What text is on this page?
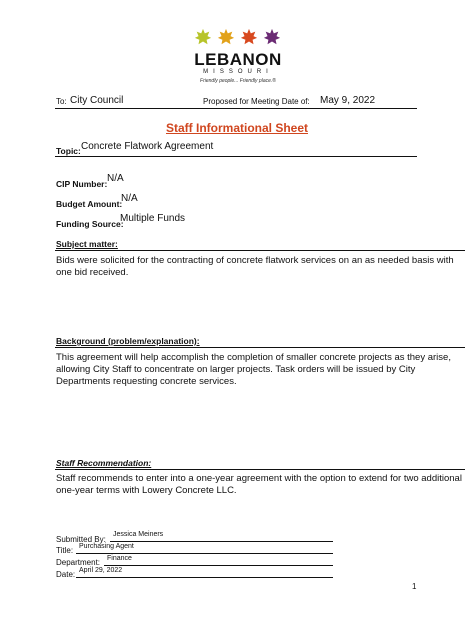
LEBANON
MISSOURI
Friendly people... Friendly place.®
To: City Council	Proposed for Meeting Date of: May 9, 2022
Staff Informational Sheet
Topic: Concrete Flatwork Agreement
CIP Number: N/A
Budget Amount:
N/A
Funding Source:
Multiple Funds
Subject matter:
Bids were solicited for the contracting of concrete flatwork services on an as needed basis with one bid received.
Background (problem/explanation):
This agreement will help accomplish the completion of smaller concrete projects as they arise, allowing City Staff to concentrate on larger projects. Task orders will be issued by City Departments requesting concrete services.
Staff Recommendation:
Staff recommends to enter into a one-year agreement with the option to extend for two additional one-year terms with Lowery Concrete LLC.
Submitted By:
Jessica Meiners
Title: Purchasing Agent
Department: Finance
Date: April 29, 2022
1
